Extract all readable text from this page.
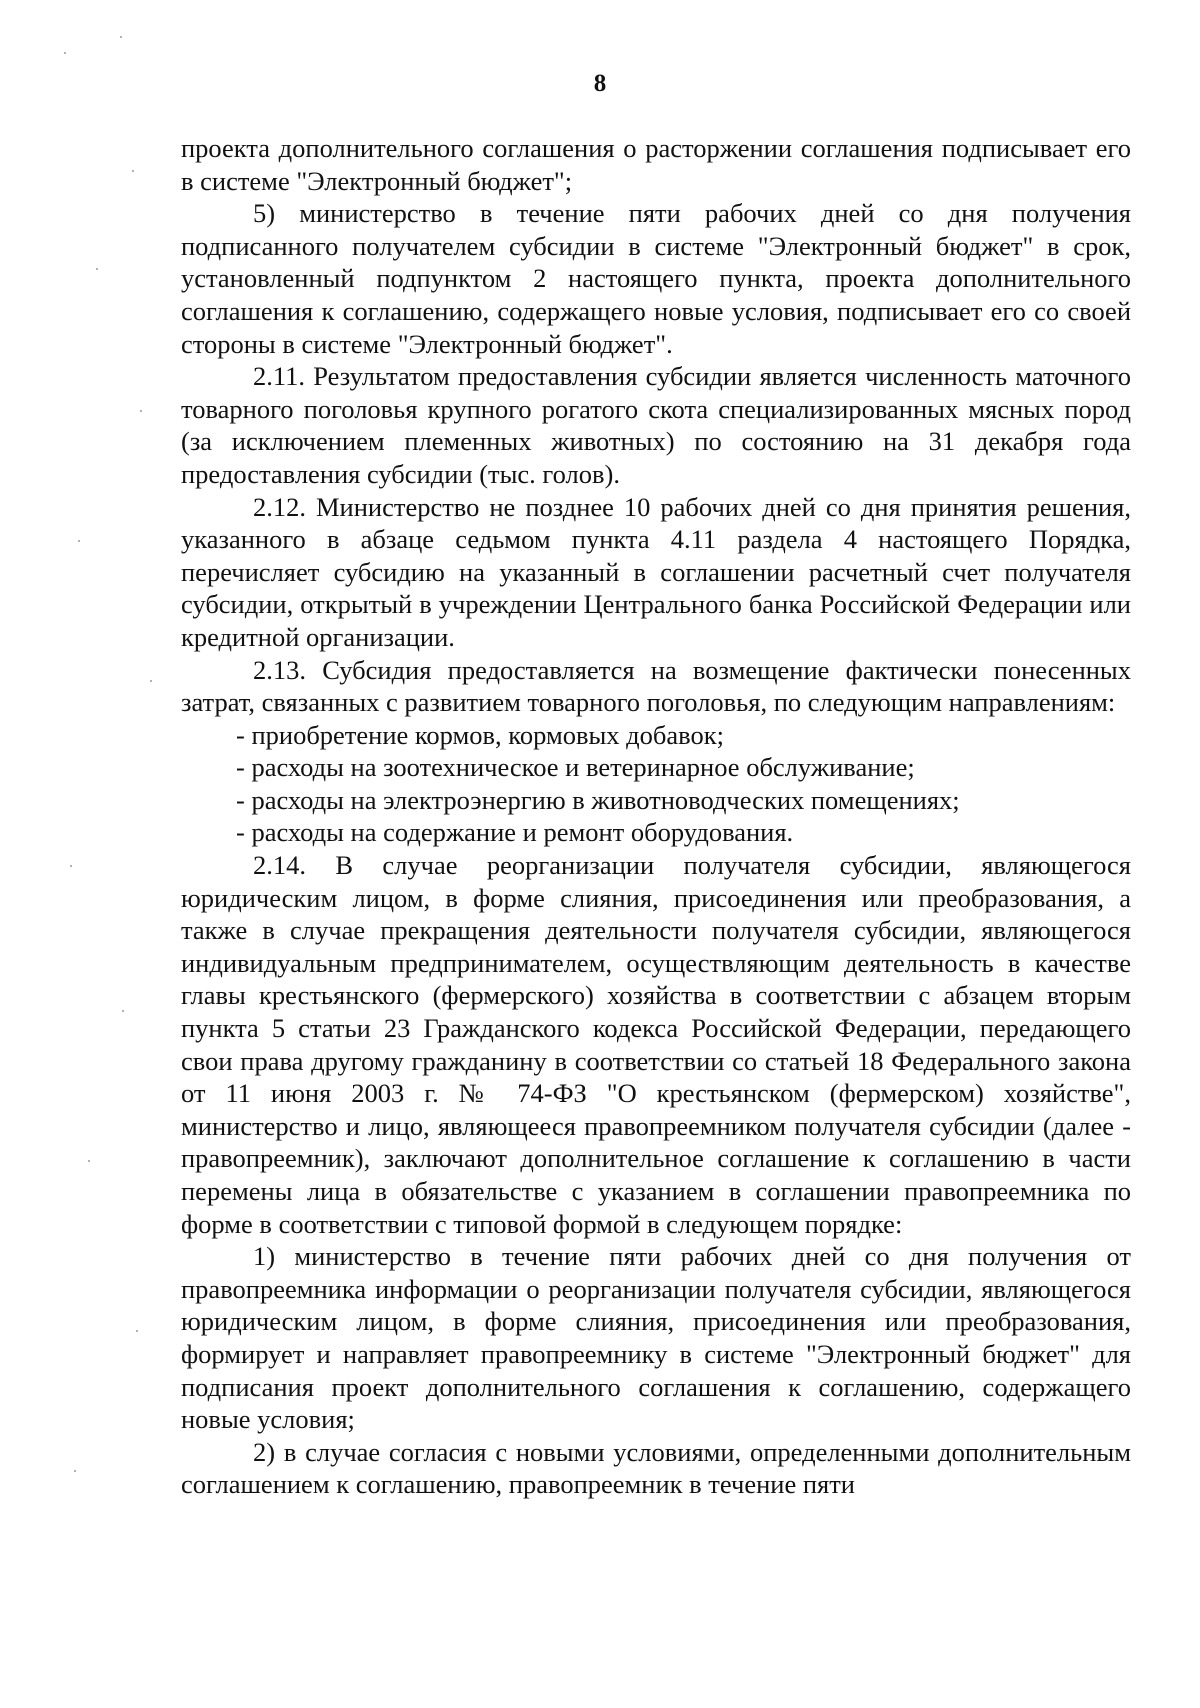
8

проекта дополнительного соглашения о расторжении соглашения подписывает его в системе "Электронный бюджет";

5) министерство в течение пяти рабочих дней со дня получения подписанного получателем субсидии в системе "Электронный бюджет" в срок, установленный подпунктом 2 настоящего пункта, проекта дополнительного соглашения к соглашению, содержащего новые условия, подписывает его со своей стороны в системе "Электронный бюджет".

2.11. Результатом предоставления субсидии является численность маточного товарного поголовья крупного рогатого скота специализированных мясных пород (за исключением племенных животных) по состоянию на 31 декабря года предоставления субсидии (тыс. голов).

2.12. Министерство не позднее 10 рабочих дней со дня принятия решения, указанного в абзаце седьмом пункта 4.11 раздела 4 настоящего Порядка, перечисляет субсидию на указанный в соглашении расчетный счет получателя субсидии, открытый в учреждении Центрального банка Российской Федерации или кредитной организации.

2.13. Субсидия предоставляется на возмещение фактически понесенных затрат, связанных с развитием товарного поголовья, по следующим направлениям:

- приобретение кормов, кормовых добавок;

- расходы на зоотехническое и ветеринарное обслуживание;

- расходы на электроэнергию в животноводческих помещениях;

- расходы на содержание и ремонт оборудования.

2.14. В случае реорганизации получателя субсидии, являющегося юридическим лицом, в форме слияния, присоединения или преобразования, а также в случае прекращения деятельности получателя субсидии, являющегося индивидуальным предпринимателем, осуществляющим деятельность в качестве главы крестьянского (фермерского) хозяйства в соответствии с абзацем вторым пункта 5 статьи 23 Гражданского кодекса Российской Федерации, передающего свои права другому гражданину в соответствии со статьей 18 Федерального закона от 11 июня 2003 г. № 74-ФЗ "О крестьянском (фермерском) хозяйстве", министерство и лицо, являющееся правопреемником получателя субсидии (далее - правопреемник), заключают дополнительное соглашение к соглашению в части перемены лица в обязательстве с указанием в соглашении правопреемника по форме в соответствии с типовой формой в следующем порядке:

1) министерство в течение пяти рабочих дней со дня получения от правопреемника информации о реорганизации получателя субсидии, являющегося юридическим лицом, в форме слияния, присоединения или преобразования, формирует и направляет правопреемнику в системе "Электронный бюджет" для подписания проект дополнительного соглашения к соглашению, содержащего новые условия;

2) в случае согласия с новыми условиями, определенными дополнительным соглашением к соглашению, правопреемник в течение пяти
